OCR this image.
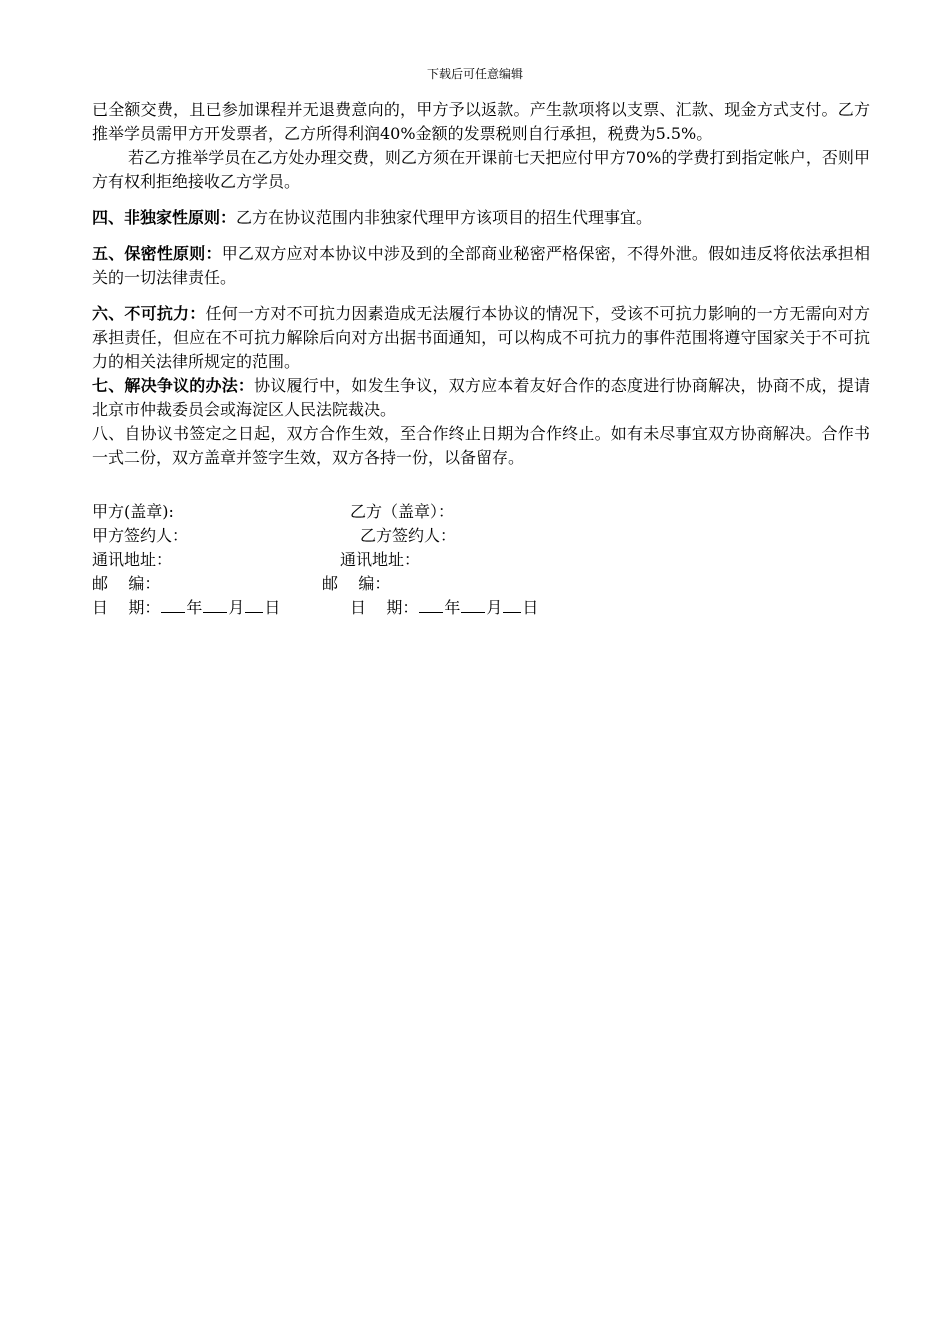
下载后可任意编辑

已全额交费，且已参加课程并无退费意向的，甲方予以返款。产生款项将以支票、汇款、现金方式支付。乙方推举学员需甲方开发票者，乙方所得利润40%金额的发票税则自行承担，税费为5.5%。

若乙方推举学员在乙方处办理交费，则乙方须在开课前七天把应付甲方70%的学费打到指定帐户，否则甲方有权利拒绝接收乙方学员。

四、非独家性原则：乙方在协议范围内非独家代理甲方该项目的招生代理事宜。

五、保密性原则：甲乙双方应对本协议中涉及到的全部商业秘密严格保密，不得外泄。假如违反将依法承担相关的一切法律责任。

六、不可抗力：任何一方对不可抗力因素造成无法履行本协议的情况下，受该不可抗力影响的一方无需向对方承担责任，但应在不可抗力解除后向对方出据书面通知，可以构成不可抗力的事件范围将遵守国家关于不可抗力的相关法律所规定的范围。

七、解决争议的办法：协议履行中，如发生争议，双方应本着友好合作的态度进行协商解决，协商不成，提请北京市仲裁委员会或海淀区人民法院裁决。

八、自协议书签定之日起，双方合作生效，至合作终止日期为合作终止。如有未尽事宜双方协商解决。合作书一式二份，双方盖章并签字生效，双方各持一份，以备留存。

甲方(盖章):	乙方（盖章）：
甲方签约人：	乙方签约人：
通讯地址：	通讯地址：
邮    编：	邮    编：
日    期： 年 月 日	日    期： 年 月 日
